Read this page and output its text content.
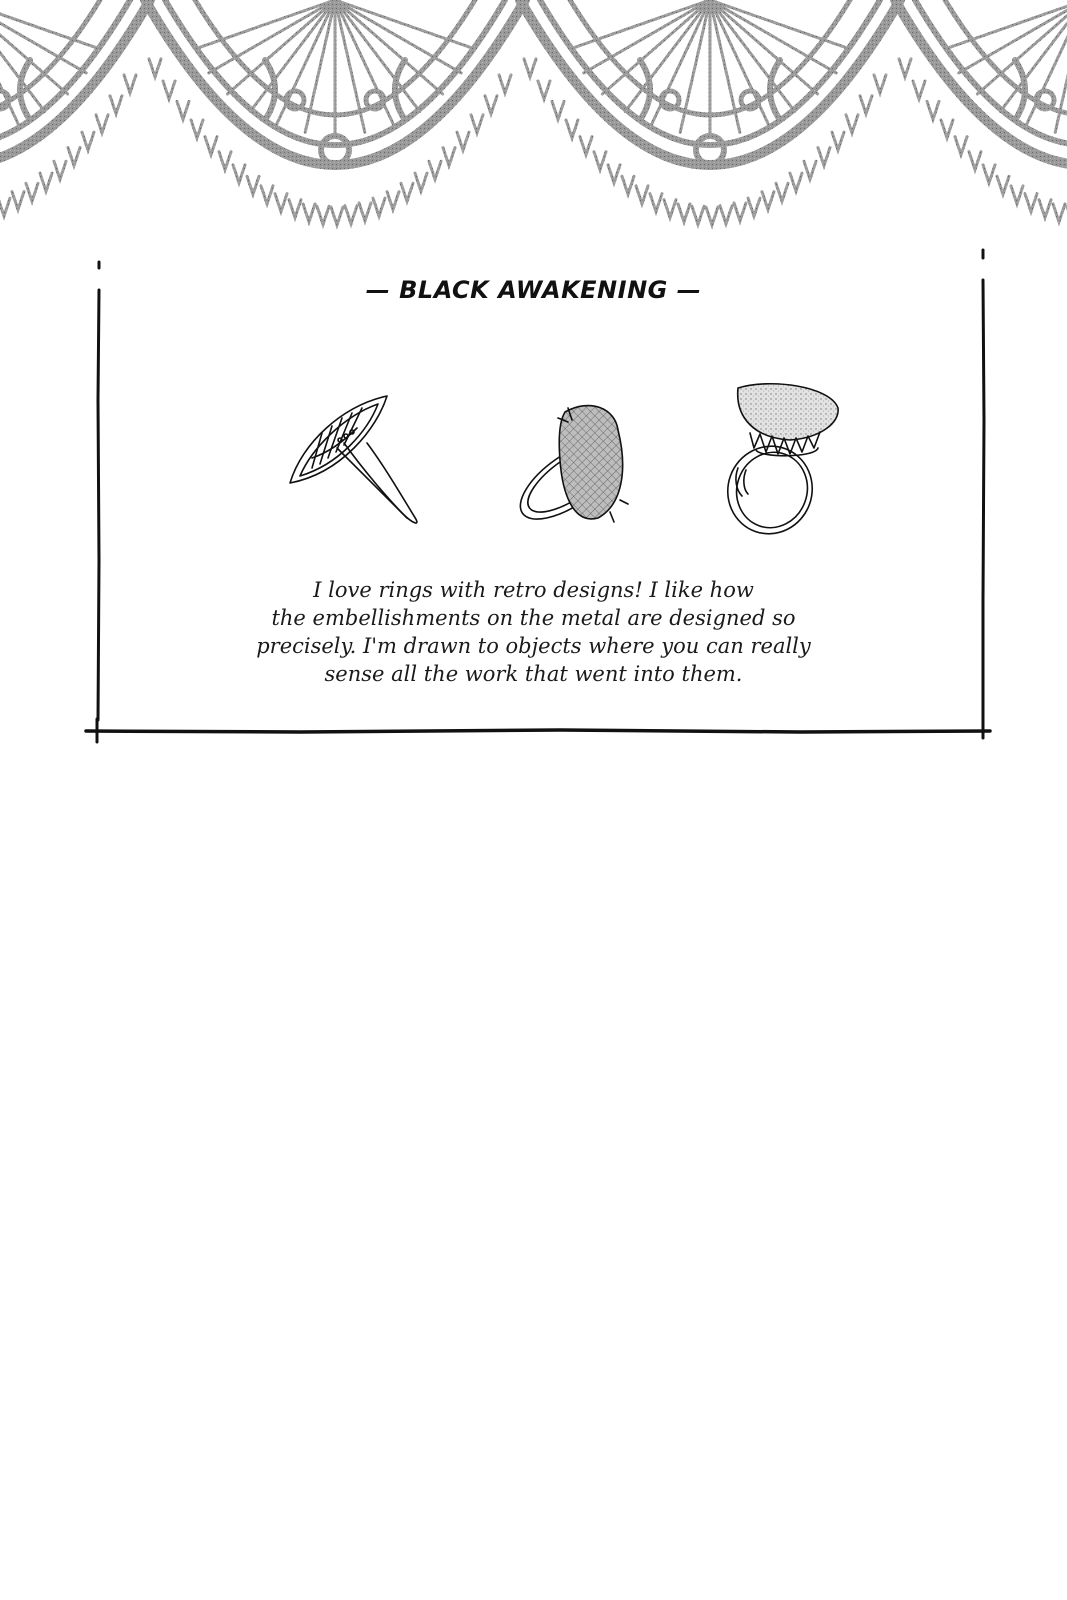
— BLACK AWAKENING —
I love rings with retro designs! I like how
the embellishments on the metal are designed so
precisely. I'm drawn to objects where you can really
sense all the work that went into them.
